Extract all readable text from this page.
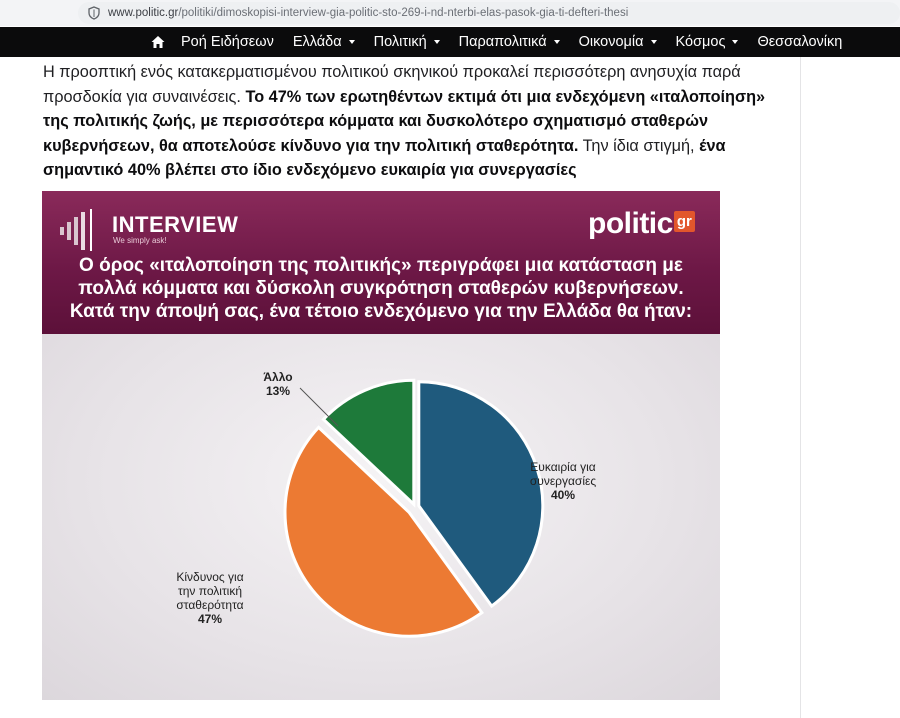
www.politic.gr/politiki/dimoskopisi-interview-gia-politic-sto-269-i-nd-nterbi-elas-pasok-gia-ti-defteri-thesi
Ροή Ειδήσεων Ελλάδα Πολιτική Παραπολιτικά Οικονομία Κόσμος Θεσσαλονίκη

Η προοπτική ενός κατακερματισμένου πολιτικού σκηνικού προκαλεί περισσότερη ανησυχία παρά προσδοκία για συναινέσεις. Το 47% των ερωτηθέντων εκτιμά ότι μια ενδεχόμενη «ιταλοποίηση» της πολιτικής ζωής, με περισσότερα κόμματα και δυσκολότερο σχηματισμό σταθερών κυβερνήσεων, θα αποτελούσε κίνδυνο για την πολιτική σταθερότητα. Την ίδια στιγμή, ένα σημαντικό 40% βλέπει στο ίδιο ενδεχόμενο ευκαιρία για συνεργασίες

INTERVIEW
We simply ask!
politic gr
Ο όρος «ιταλοποίηση της πολιτικής» περιγράφει μια κατάσταση με
πολλά κόμματα και δύσκολη συγκρότηση σταθερών κυβερνήσεων.
Κατά την άποψή σας, ένα τέτοιο ενδεχόμενο για την Ελλάδα θα ήταν:
Άλλο
13%
Ευκαιρία για
συνεργασίες
40%
Κίνδυνος για
την πολιτική
σταθερότητα
47%
